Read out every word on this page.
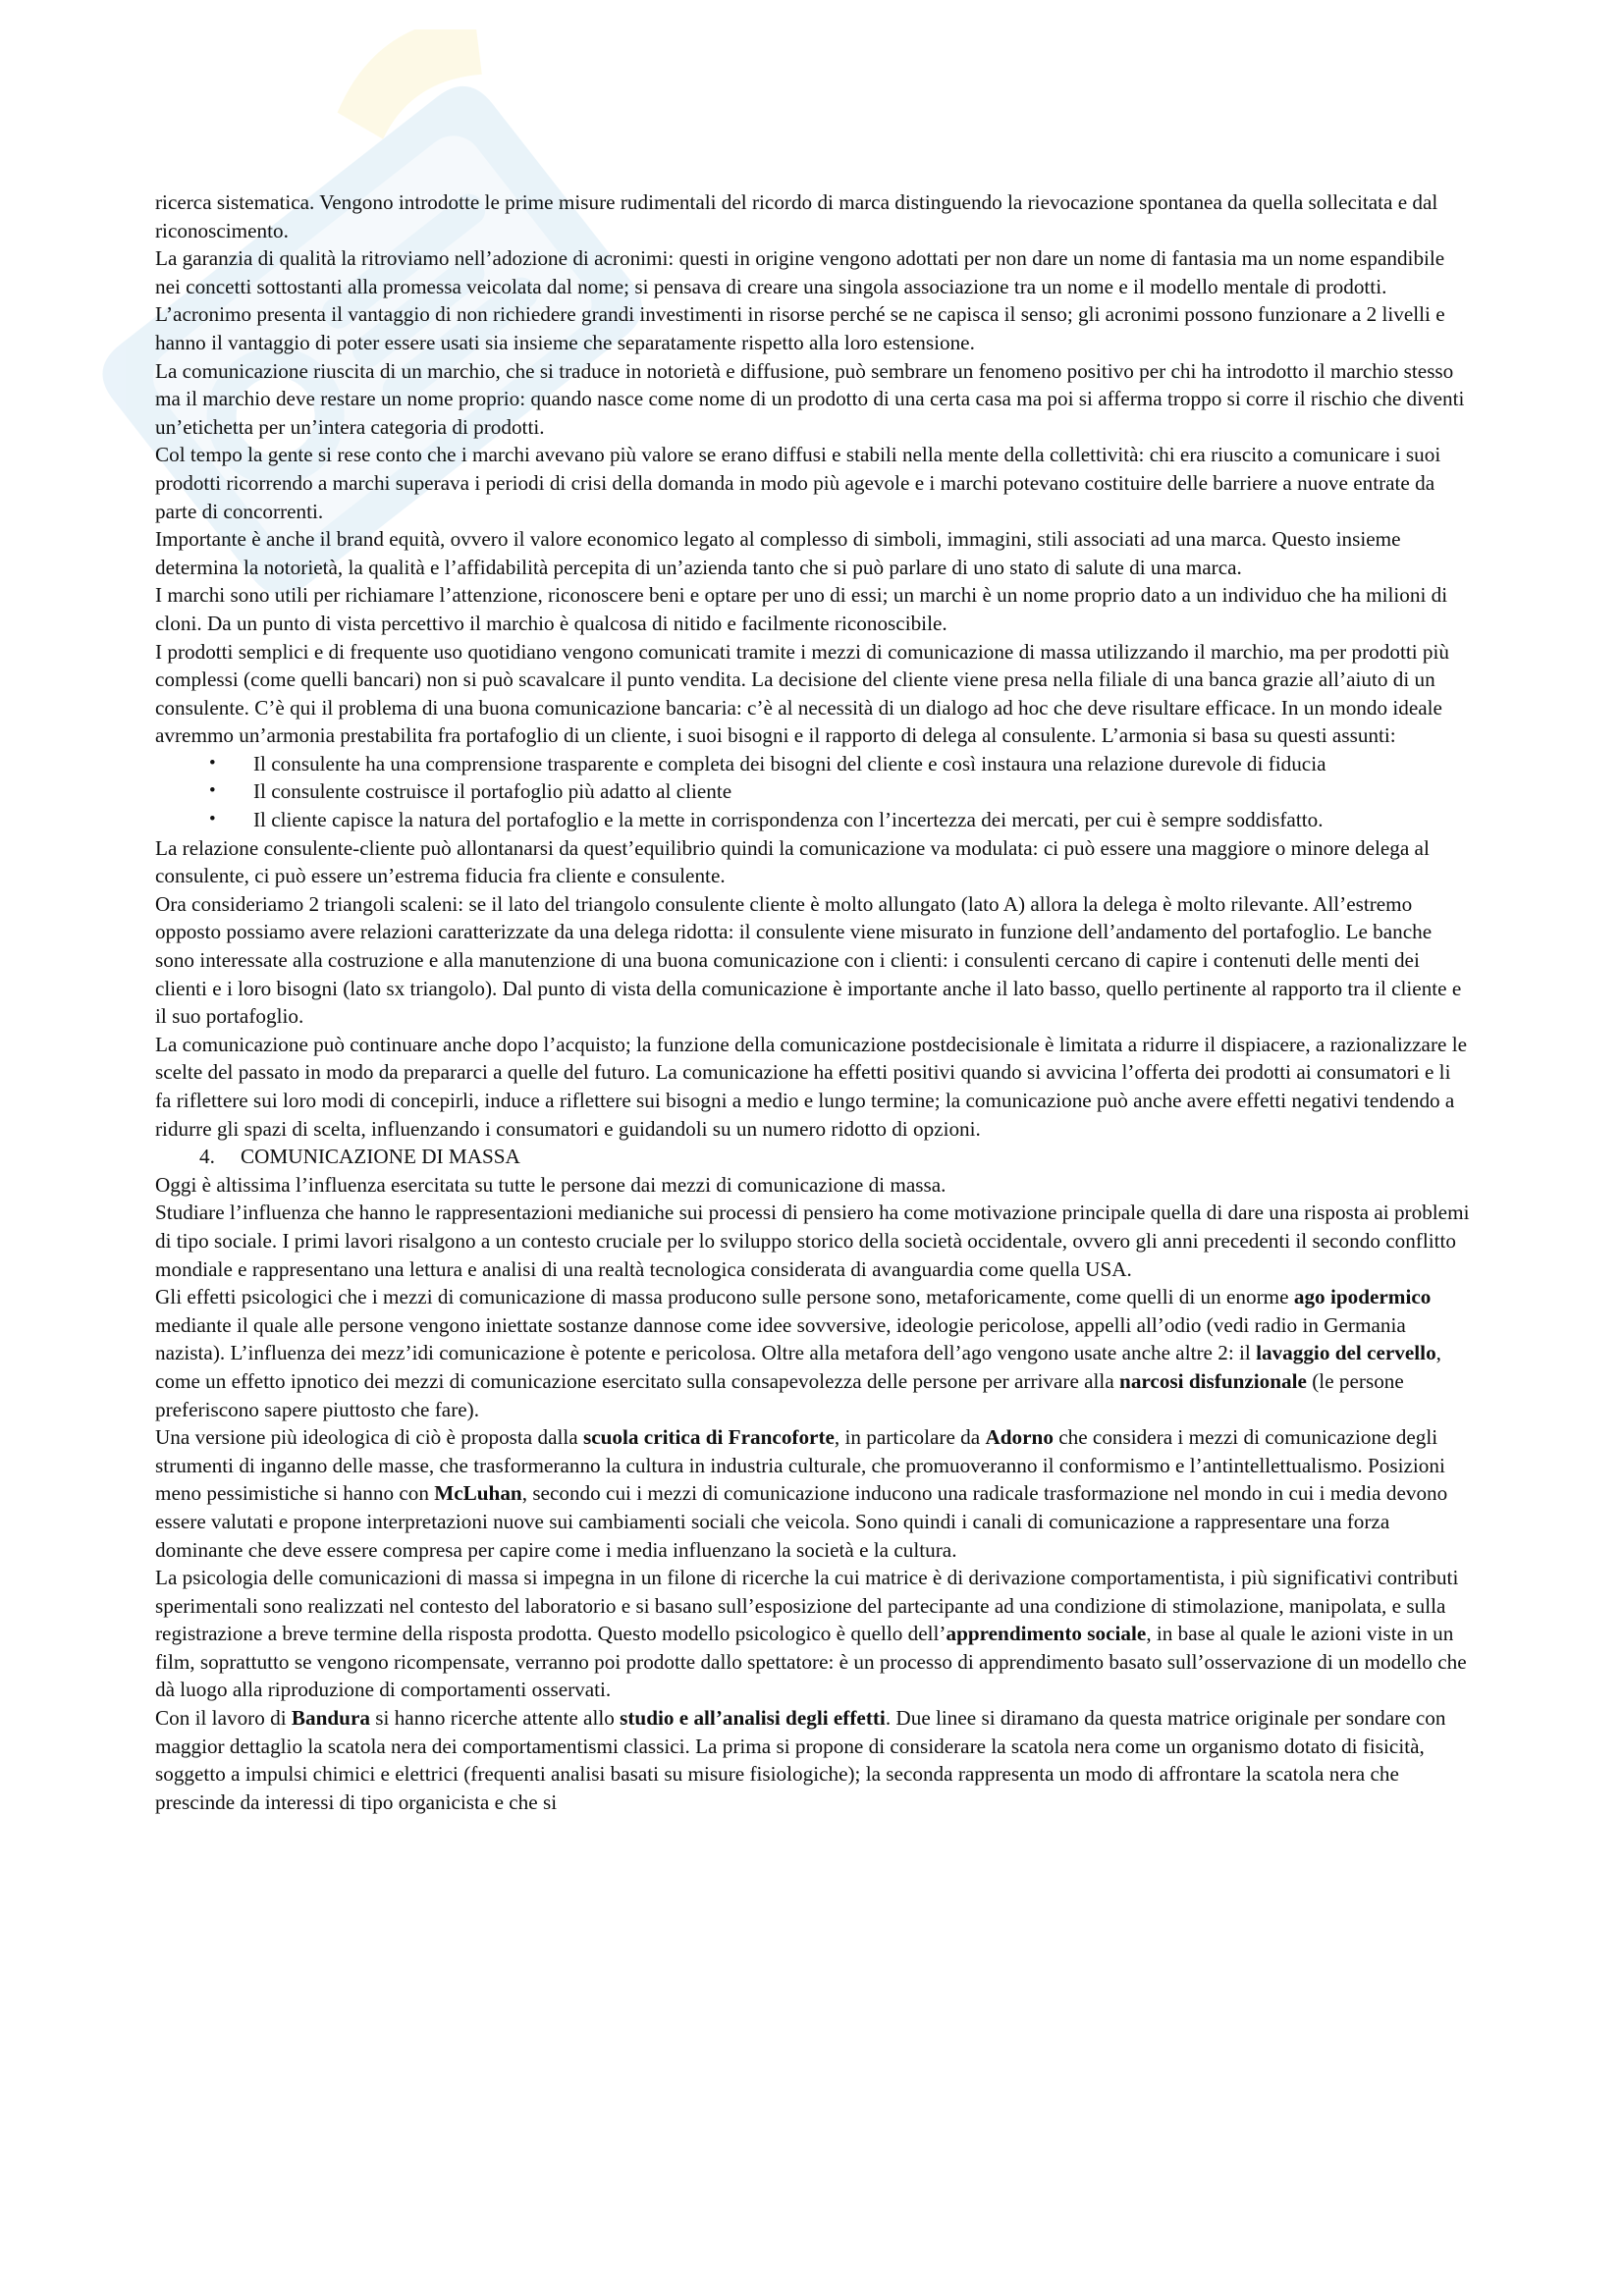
ricerca sistematica. Vengono introdotte le prime misure rudimentali del ricordo di marca distinguendo la rievocazione spontanea da quella sollecitata e dal riconoscimento.

La garanzia di qualità la ritroviamo nell’adozione di acronimi: questi in origine vengono adottati per non dare un nome di fantasia ma un nome espandibile nei concetti sottostanti alla promessa veicolata dal nome; si pensava di creare una singola associazione tra un nome e il modello mentale di prodotti. L’acronimo presenta il vantaggio di non richiedere grandi investimenti in risorse perché se ne capisca il senso; gli acronimi possono funzionare a 2 livelli e hanno il vantaggio di poter essere usati sia insieme che separatamente rispetto alla loro estensione.

La comunicazione riuscita di un marchio, che si traduce in notorietà e diffusione, può sembrare un fenomeno positivo per chi ha introdotto il marchio stesso ma il marchio deve restare un nome proprio: quando nasce come nome di un prodotto di una certa casa ma poi si afferma troppo si corre il rischio che diventi un’etichetta per un’intera categoria di prodotti.

Col tempo la gente si rese conto che i marchi avevano più valore se erano diffusi e stabili nella mente della collettività: chi era riuscito a comunicare i suoi prodotti ricorrendo a marchi superava i periodi di crisi della domanda in modo più agevole e i marchi potevano costituire delle barriere a nuove entrate da parte di concorrenti.

Importante è anche il brand equità, ovvero il valore economico legato al complesso di simboli, immagini, stili associati ad una marca. Questo insieme determina la notorietà, la qualità e l’affidabilità percepita di un’azienda tanto che si può parlare di uno stato di salute di una marca.

I marchi sono utili per richiamare l’attenzione, riconoscere beni e optare per uno di essi; un marchi è un nome proprio dato a un individuo che ha milioni di cloni. Da un punto di vista percettivo il marchio è qualcosa di nitido e facilmente riconoscibile.

I prodotti semplici e di frequente uso quotidiano vengono comunicati tramite i mezzi di comunicazione di massa utilizzando il marchio, ma per prodotti più complessi (come quelli bancari) non si può scavalcare il punto vendita. La decisione del cliente viene presa nella filiale di una banca grazie all’aiuto di un consulente. C’è qui il problema di una buona comunicazione bancaria: c’è al necessità di un dialogo ad hoc che deve risultare efficace. In un mondo ideale avremmo un’armonia prestabilita fra portafoglio di un cliente, i suoi bisogni e il rapporto di delega al consulente. L’armonia si basa su questi assunti:

• Il consulente ha una comprensione trasparente e completa dei bisogni del cliente e così instaura una relazione durevole di fiducia
• Il consulente costruisce il portafoglio più adatto al cliente
• Il cliente capisce la natura del portafoglio e la mette in corrispondenza con l’incertezza dei mercati, per cui è sempre soddisfatto.

La relazione consulente-cliente può allontanarsi da quest’equilibrio quindi la comunicazione va modulata: ci può essere una maggiore o minore delega al consulente, ci può essere un’estrema fiducia fra cliente e consulente.

Ora consideriamo 2 triangoli scaleni: se il lato del triangolo consulente cliente è molto allungato (lato A) allora la delega è molto rilevante. All’estremo opposto possiamo avere relazioni caratterizzate da una delega ridotta: il consulente viene misurato in funzione dell’andamento del portafoglio. Le banche sono interessate alla costruzione e alla manutenzione di una buona comunicazione con i clienti: i consulenti cercano di capire i contenuti delle menti dei clienti e i loro bisogni (lato sx triangolo). Dal punto di vista della comunicazione è importante anche il lato basso, quello pertinente al rapporto tra il cliente e il suo portafoglio.

La comunicazione può continuare anche dopo l’acquisto; la funzione della comunicazione postdecisionale è limitata a ridurre il dispiacere, a razionalizzare le scelte del passato in modo da prepararci a quelle del futuro. La comunicazione ha effetti positivi quando si avvicina l’offerta dei prodotti ai consumatori e li fa riflettere sui loro modi di concepirli, induce a riflettere sui bisogni a medio e lungo termine; la comunicazione può anche avere effetti negativi tendendo a ridurre gli spazi di scelta, influenzando i consumatori e guidandoli su un numero ridotto di opzioni.

4. COMUNICAZIONE DI MASSA

Oggi è altissima l’influenza esercitata su tutte le persone dai mezzi di comunicazione di massa.

Studiare l’influenza che hanno le rappresentazioni medianiche sui processi di pensiero ha come motivazione principale quella di dare una risposta ai problemi di tipo sociale. I primi lavori risalgono a un contesto cruciale per lo sviluppo storico della società occidentale, ovvero gli anni precedenti il secondo conflitto mondiale e rappresentano una lettura e analisi di una realtà tecnologica considerata di avanguardia come quella USA.

Gli effetti psicologici che i mezzi di comunicazione di massa producono sulle persone sono, metaforicamente, come quelli di un enorme ago ipodermico mediante il quale alle persone vengono iniettate sostanze dannose come idee sovversive, ideologie pericolose, appelli all’odio (vedi radio in Germania nazista). L’influenza dei mezz’idi comunicazione è potente e pericolosa. Oltre alla metafora dell’ago vengono usate anche altre 2: il lavaggio del cervello, come un effetto ipnotico dei mezzi di comunicazione esercitato sulla consapevolezza delle persone per arrivare alla narcosi disfunzionale (le persone preferiscono sapere piuttosto che fare).

Una versione più ideologica di ciò è proposta dalla scuola critica di Francoforte, in particolare da Adorno che considera i mezzi di comunicazione degli strumenti di inganno delle masse, che trasformeranno la cultura in industria culturale, che promuoveranno il conformismo e l’antintellettualismo. Posizioni meno pessimistiche si hanno con McLuhan, secondo cui i mezzi di comunicazione inducono una radicale trasformazione nel mondo in cui i media devono essere valutati e propone interpretazioni nuove sui cambiamenti sociali che veicola. Sono quindi i canali di comunicazione a rappresentare una forza dominante che deve essere compresa per capire come i media influenzano la società e la cultura.

La psicologia delle comunicazioni di massa si impegna in un filone di ricerche la cui matrice è di derivazione comportamentista, i più significativi contributi sperimentali sono realizzati nel contesto del laboratorio e si basano sull’esposizione del partecipante ad una condizione di stimolazione, manipolata, e sulla registrazione a breve termine della risposta prodotta. Questo modello psicologico è quello dell’apprendimento sociale, in base al quale le azioni viste in un film, soprattutto se vengono ricompensate, verranno poi prodotte dallo spettatore: è un processo di apprendimento basato sull’osservazione di un modello che dà luogo alla riproduzione di comportamenti osservati.

Con il lavoro di Bandura si hanno ricerche attente allo studio e all’analisi degli effetti. Due linee si diramano da questa matrice originale per sondare con maggior dettaglio la scatola nera dei comportamentismi classici. La prima si propone di considerare la scatola nera come un organismo dotato di fisicità, soggetto a impulsi chimici e elettrici (frequenti analisi basati su misure fisiologiche); la seconda rappresenta un modo di affrontare la scatola nera che prescinde da interessi di tipo organicista e che si
